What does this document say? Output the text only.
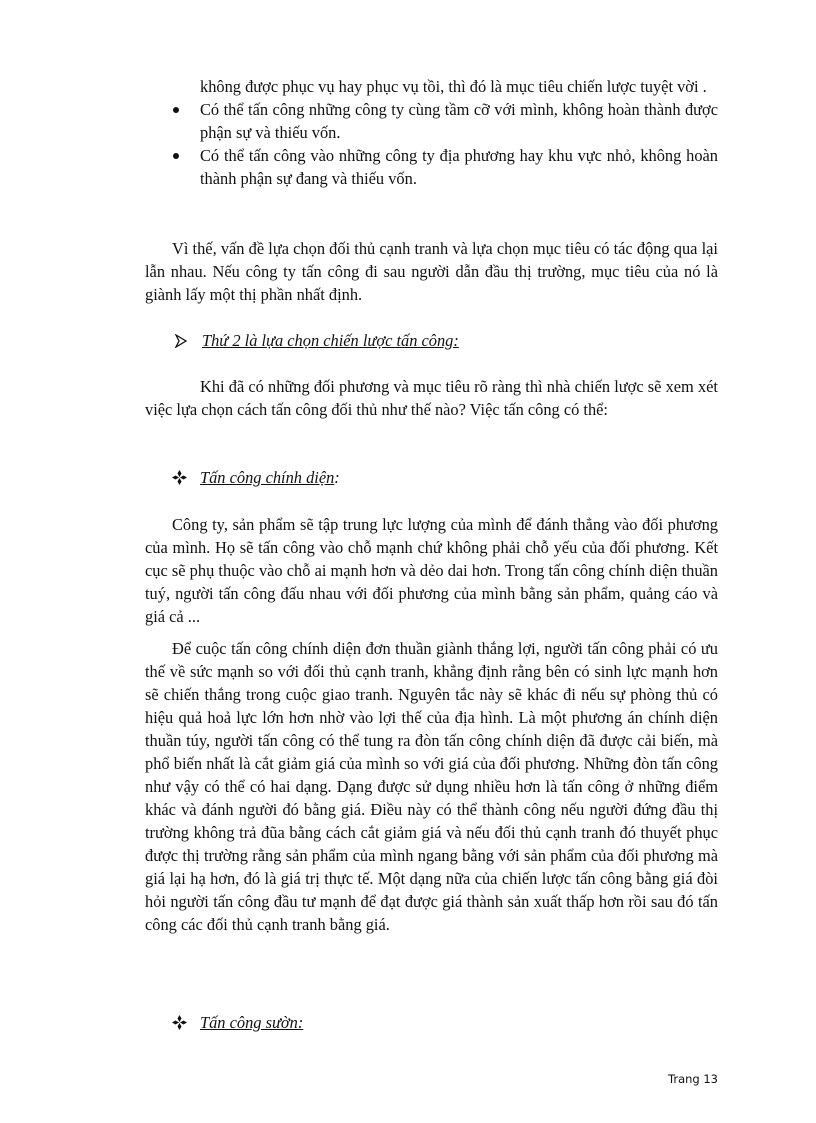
không được phục vụ hay phục vụ tồi, thì đó là mục tiêu chiến lược tuyệt vời .
Có thể tấn công những công ty cùng tầm cỡ với mình, không hoàn thành được phận sự và thiếu vốn.
Có thể tấn công vào những công ty địa phương hay khu vực nhỏ, không hoàn thành phận sự đang và thiếu vốn.

Vì thế, vấn đề lựa chọn đối thủ cạnh tranh và lựa chọn mục tiêu có tác động qua lại lẫn nhau. Nếu công ty tấn công đi sau người dẫn đầu thị trường, mục tiêu của nó là giành lấy một thị phần nhất định.

Thứ 2 là lựa chọn chiến lược tấn công:

Khi đã có những đối phương và mục tiêu rõ ràng thì nhà chiến lược sẽ xem xét việc lựa chọn cách tấn công đối thủ như thế nào? Việc tấn công có thể:

Tấn công chính diện:

Công ty, sản phẩm sẽ tập trung lực lượng của mình để đánh thẳng vào đối phương của mình. Họ sẽ tấn công vào chỗ mạnh chứ không phải chỗ yếu của đối phương. Kết cục sẽ phụ thuộc vào chỗ ai mạnh hơn và dẻo dai hơn. Trong tấn công chính diện thuần tuý, người tấn công đấu nhau với đối phương của mình bằng sản phẩm, quảng cáo và giá cả ...

Để cuộc tấn công chính diện đơn thuần giành thắng lợi, người tấn công phải có ưu thế về sức mạnh so với đối thủ cạnh tranh, khẳng định rằng bên có sinh lực mạnh hơn sẽ chiến thắng trong cuộc giao tranh. Nguyên tắc này sẽ khác đi nếu sự phòng thủ có hiệu quả hoả lực lớn hơn nhờ vào lợi thế của địa hình. Là một phương án chính diện thuần túy, người tấn công có thể tung ra đòn tấn công chính diện đã được cải biến, mà phổ biến nhất là cắt giảm giá của mình so với giá của đối phương. Những đòn tấn công như vậy có thể có hai dạng. Dạng được sử dụng nhiều hơn là tấn công ở những điểm khác và đánh người đó bằng giá. Điều này có thể thành công nếu người đứng đầu thị trường không trả đũa bằng cách cắt giảm giá và nếu đối thủ cạnh tranh đó thuyết phục được thị trường rằng sản phẩm của mình ngang bằng với sản phẩm của đối phương mà giá lại hạ hơn, đó là giá trị thực tế. Một dạng nữa của chiến lược tấn công bằng giá đòi hỏi người tấn công đầu tư mạnh để đạt được giá thành sản xuất thấp hơn rồi sau đó tấn công các đối thủ cạnh tranh bằng giá.

Tấn công sườn:

Trang 13
